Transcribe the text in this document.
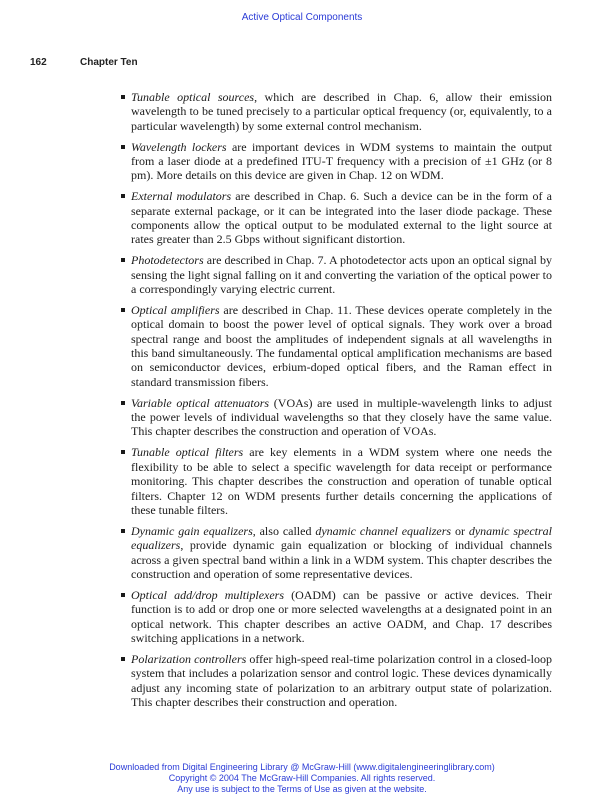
Active Optical Components
162	Chapter Ten
Tunable optical sources, which are described in Chap. 6, allow their emission wavelength to be tuned precisely to a particular optical frequency (or, equivalently, to a particular wavelength) by some external control mechanism.
Wavelength lockers are important devices in WDM systems to maintain the output from a laser diode at a predefined ITU-T frequency with a precision of ±1 GHz (or 8 pm). More details on this device are given in Chap. 12 on WDM.
External modulators are described in Chap. 6. Such a device can be in the form of a separate external package, or it can be integrated into the laser diode package. These components allow the optical output to be modulated external to the light source at rates greater than 2.5 Gbps without significant distortion.
Photodetectors are described in Chap. 7. A photodetector acts upon an optical signal by sensing the light signal falling on it and converting the variation of the optical power to a correspondingly varying electric current.
Optical amplifiers are described in Chap. 11. These devices operate completely in the optical domain to boost the power level of optical signals. They work over a broad spectral range and boost the amplitudes of independent signals at all wavelengths in this band simultaneously. The fundamental optical amplification mechanisms are based on semiconductor devices, erbium-doped optical fibers, and the Raman effect in standard transmission fibers.
Variable optical attenuators (VOAs) are used in multiple-wavelength links to adjust the power levels of individual wavelengths so that they closely have the same value. This chapter describes the construction and operation of VOAs.
Tunable optical filters are key elements in a WDM system where one needs the flexibility to be able to select a specific wavelength for data receipt or performance monitoring. This chapter describes the construction and operation of tunable optical filters. Chapter 12 on WDM presents further details concerning the applications of these tunable filters.
Dynamic gain equalizers, also called dynamic channel equalizers or dynamic spectral equalizers, provide dynamic gain equalization or blocking of individual channels across a given spectral band within a link in a WDM system. This chapter describes the construction and operation of some representative devices.
Optical add/drop multiplexers (OADM) can be passive or active devices. Their function is to add or drop one or more selected wavelengths at a designated point in an optical network. This chapter describes an active OADM, and Chap. 17 describes switching applications in a network.
Polarization controllers offer high-speed real-time polarization control in a closed-loop system that includes a polarization sensor and control logic. These devices dynamically adjust any incoming state of polarization to an arbitrary output state of polarization. This chapter describes their construction and operation.
Downloaded from Digital Engineering Library @ McGraw-Hill (www.digitalengineeringlibrary.com)
Copyright © 2004 The McGraw-Hill Companies. All rights reserved.
Any use is subject to the Terms of Use as given at the website.
